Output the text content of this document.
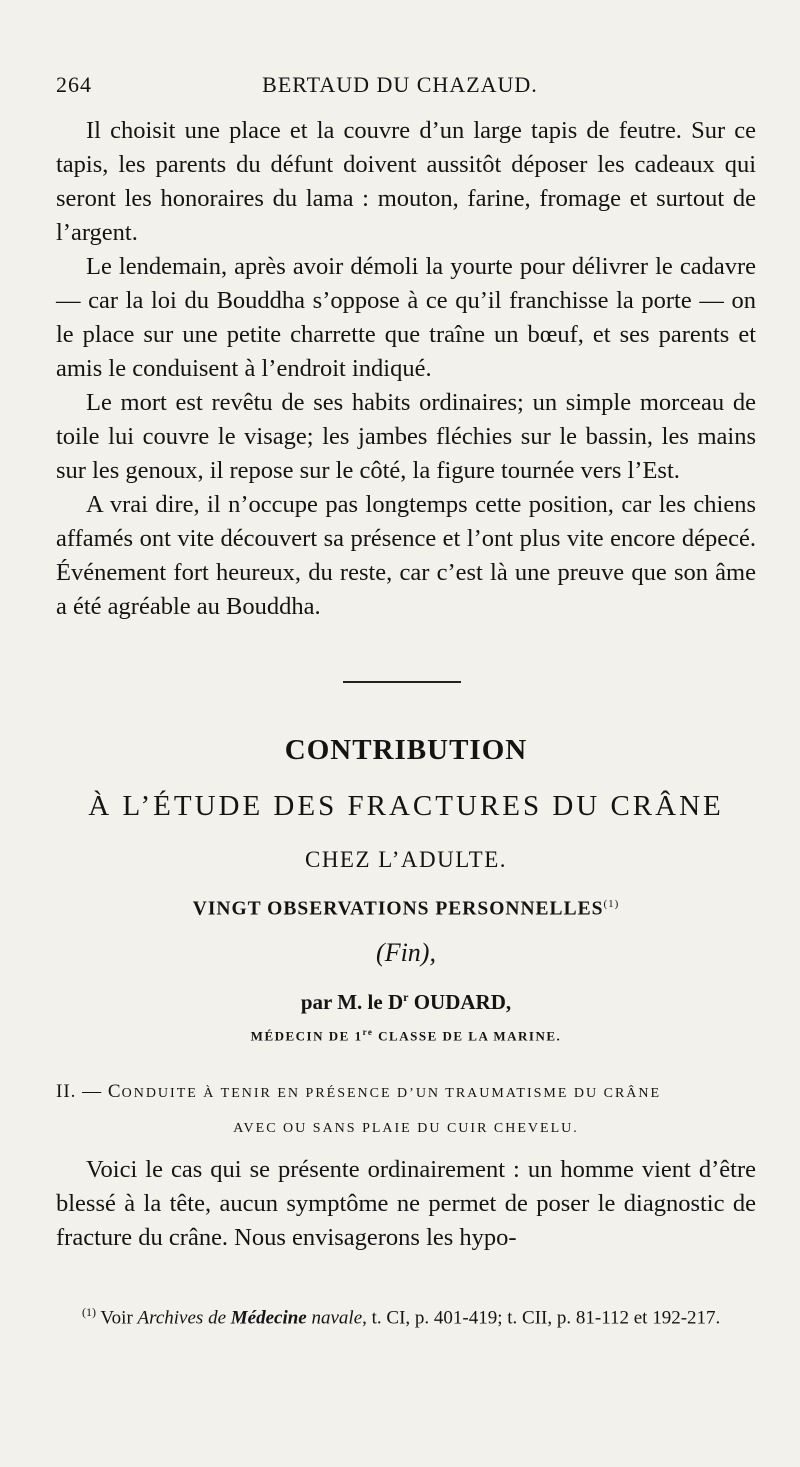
264	BERTAUD DU CHAZAUD.

Il choisit une place et la couvre d’un large tapis de feutre. Sur ce tapis, les parents du défunt doivent aussitôt déposer les cadeaux qui seront les honoraires du lama : mouton, farine, fromage et surtout de l’argent.

Le lendemain, après avoir démoli la yourte pour délivrer le cadavre — car la loi du Bouddha s’oppose à ce qu’il franchisse la porte — on le place sur une petite charrette que traîne un bœuf, et ses parents et amis le conduisent à l’endroit indiqué.

Le mort est revêtu de ses habits ordinaires; un simple morceau de toile lui couvre le visage; les jambes fléchies sur le bassin, les mains sur les genoux, il repose sur le côté, la figure tournée vers l’Est.

A vrai dire, il n’occupe pas longtemps cette position, car les chiens affamés ont vite découvert sa présence et l’ont plus vite encore dépecé. Événement fort heureux, du reste, car c’est là une preuve que son âme a été agréable au Bouddha.

CONTRIBUTION
À L’ÉTUDE DES FRACTURES DU CRÂNE
CHEZ L’ADULTE.
VINGT OBSERVATIONS PERSONNELLES$^{(1)}$
(Fin),
par M. le $D^r$ OUDARD,
MÉDECIN DE 1re CLASSE DE LA MARINE.
II. — CONDUITE À TENIR EN PRÉSENCE D’UN TRAUMATISME DU CRÂNE
AVEC OU SANS PLAIE DU CUIR CHEVELU.

Voici le cas qui se présente ordinairement : un homme vient d’être blessé à la tête, aucun symptôme ne permet de poser le diagnostic de fracture du crâne. Nous envisagerons les hypo-

$^{(1)}$ Voir Archives de Médecine navale, t. CI, p. 401-419; t. CII, p. 81-112 et 192-217.
